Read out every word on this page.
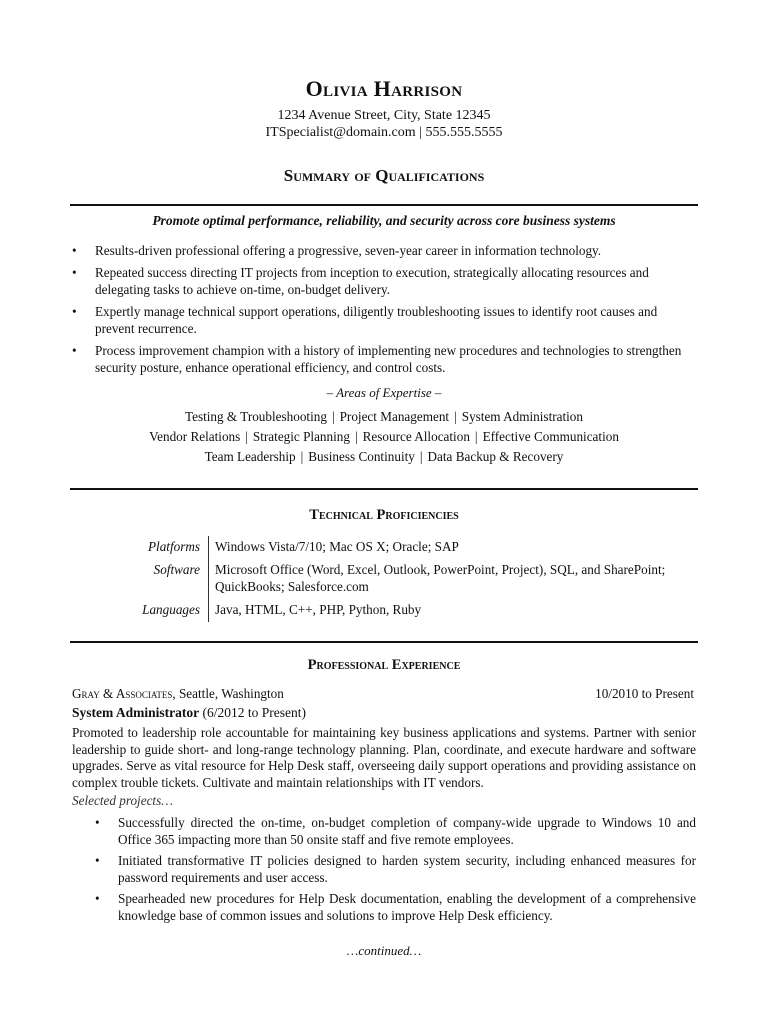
Olivia Harrison
1234 Avenue Street, City, State 12345
ITSpecialist@domain.com | 555.555.5555
Summary of Qualifications
Promote optimal performance, reliability, and security across core business systems
• Results-driven professional offering a progressive, seven-year career in information technology.
• Repeated success directing IT projects from inception to execution, strategically allocating resources and delegating tasks to achieve on-time, on-budget delivery.
• Expertly manage technical support operations, diligently troubleshooting issues to identify root causes and prevent recurrence.
• Process improvement champion with a history of implementing new procedures and technologies to strengthen security posture, enhance operational efficiency, and control costs.
– Areas of Expertise –
Testing & Troubleshooting | Project Management | System Administration
Vendor Relations | Strategic Planning | Resource Allocation | Effective Communication
Team Leadership | Business Continuity | Data Backup & Recovery
Technical Proficiencies
Platforms	Windows Vista/7/10; Mac OS X; Oracle; SAP
Software	Microsoft Office (Word, Excel, Outlook, PowerPoint, Project), SQL, and SharePoint; QuickBooks; Salesforce.com
Languages	Java, HTML, C++, PHP, Python, Ruby
Professional Experience
Gray & Associates, Seattle, Washington	10/2010 to Present
System Administrator (6/2012 to Present)
Promoted to leadership role accountable for maintaining key business applications and systems. Partner with senior leadership to guide short- and long-range technology planning. Plan, coordinate, and execute hardware and software upgrades. Serve as vital resource for Help Desk staff, overseeing daily support operations and providing assistance on complex trouble tickets. Cultivate and maintain relationships with IT vendors.
Selected projects…
• Successfully directed the on-time, on-budget completion of company-wide upgrade to Windows 10 and Office 365 impacting more than 50 onsite staff and five remote employees.
• Initiated transformative IT policies designed to harden system security, including enhanced measures for password requirements and user access.
• Spearheaded new procedures for Help Desk documentation, enabling the development of a comprehensive knowledge base of common issues and solutions to improve Help Desk efficiency.
…continued…
